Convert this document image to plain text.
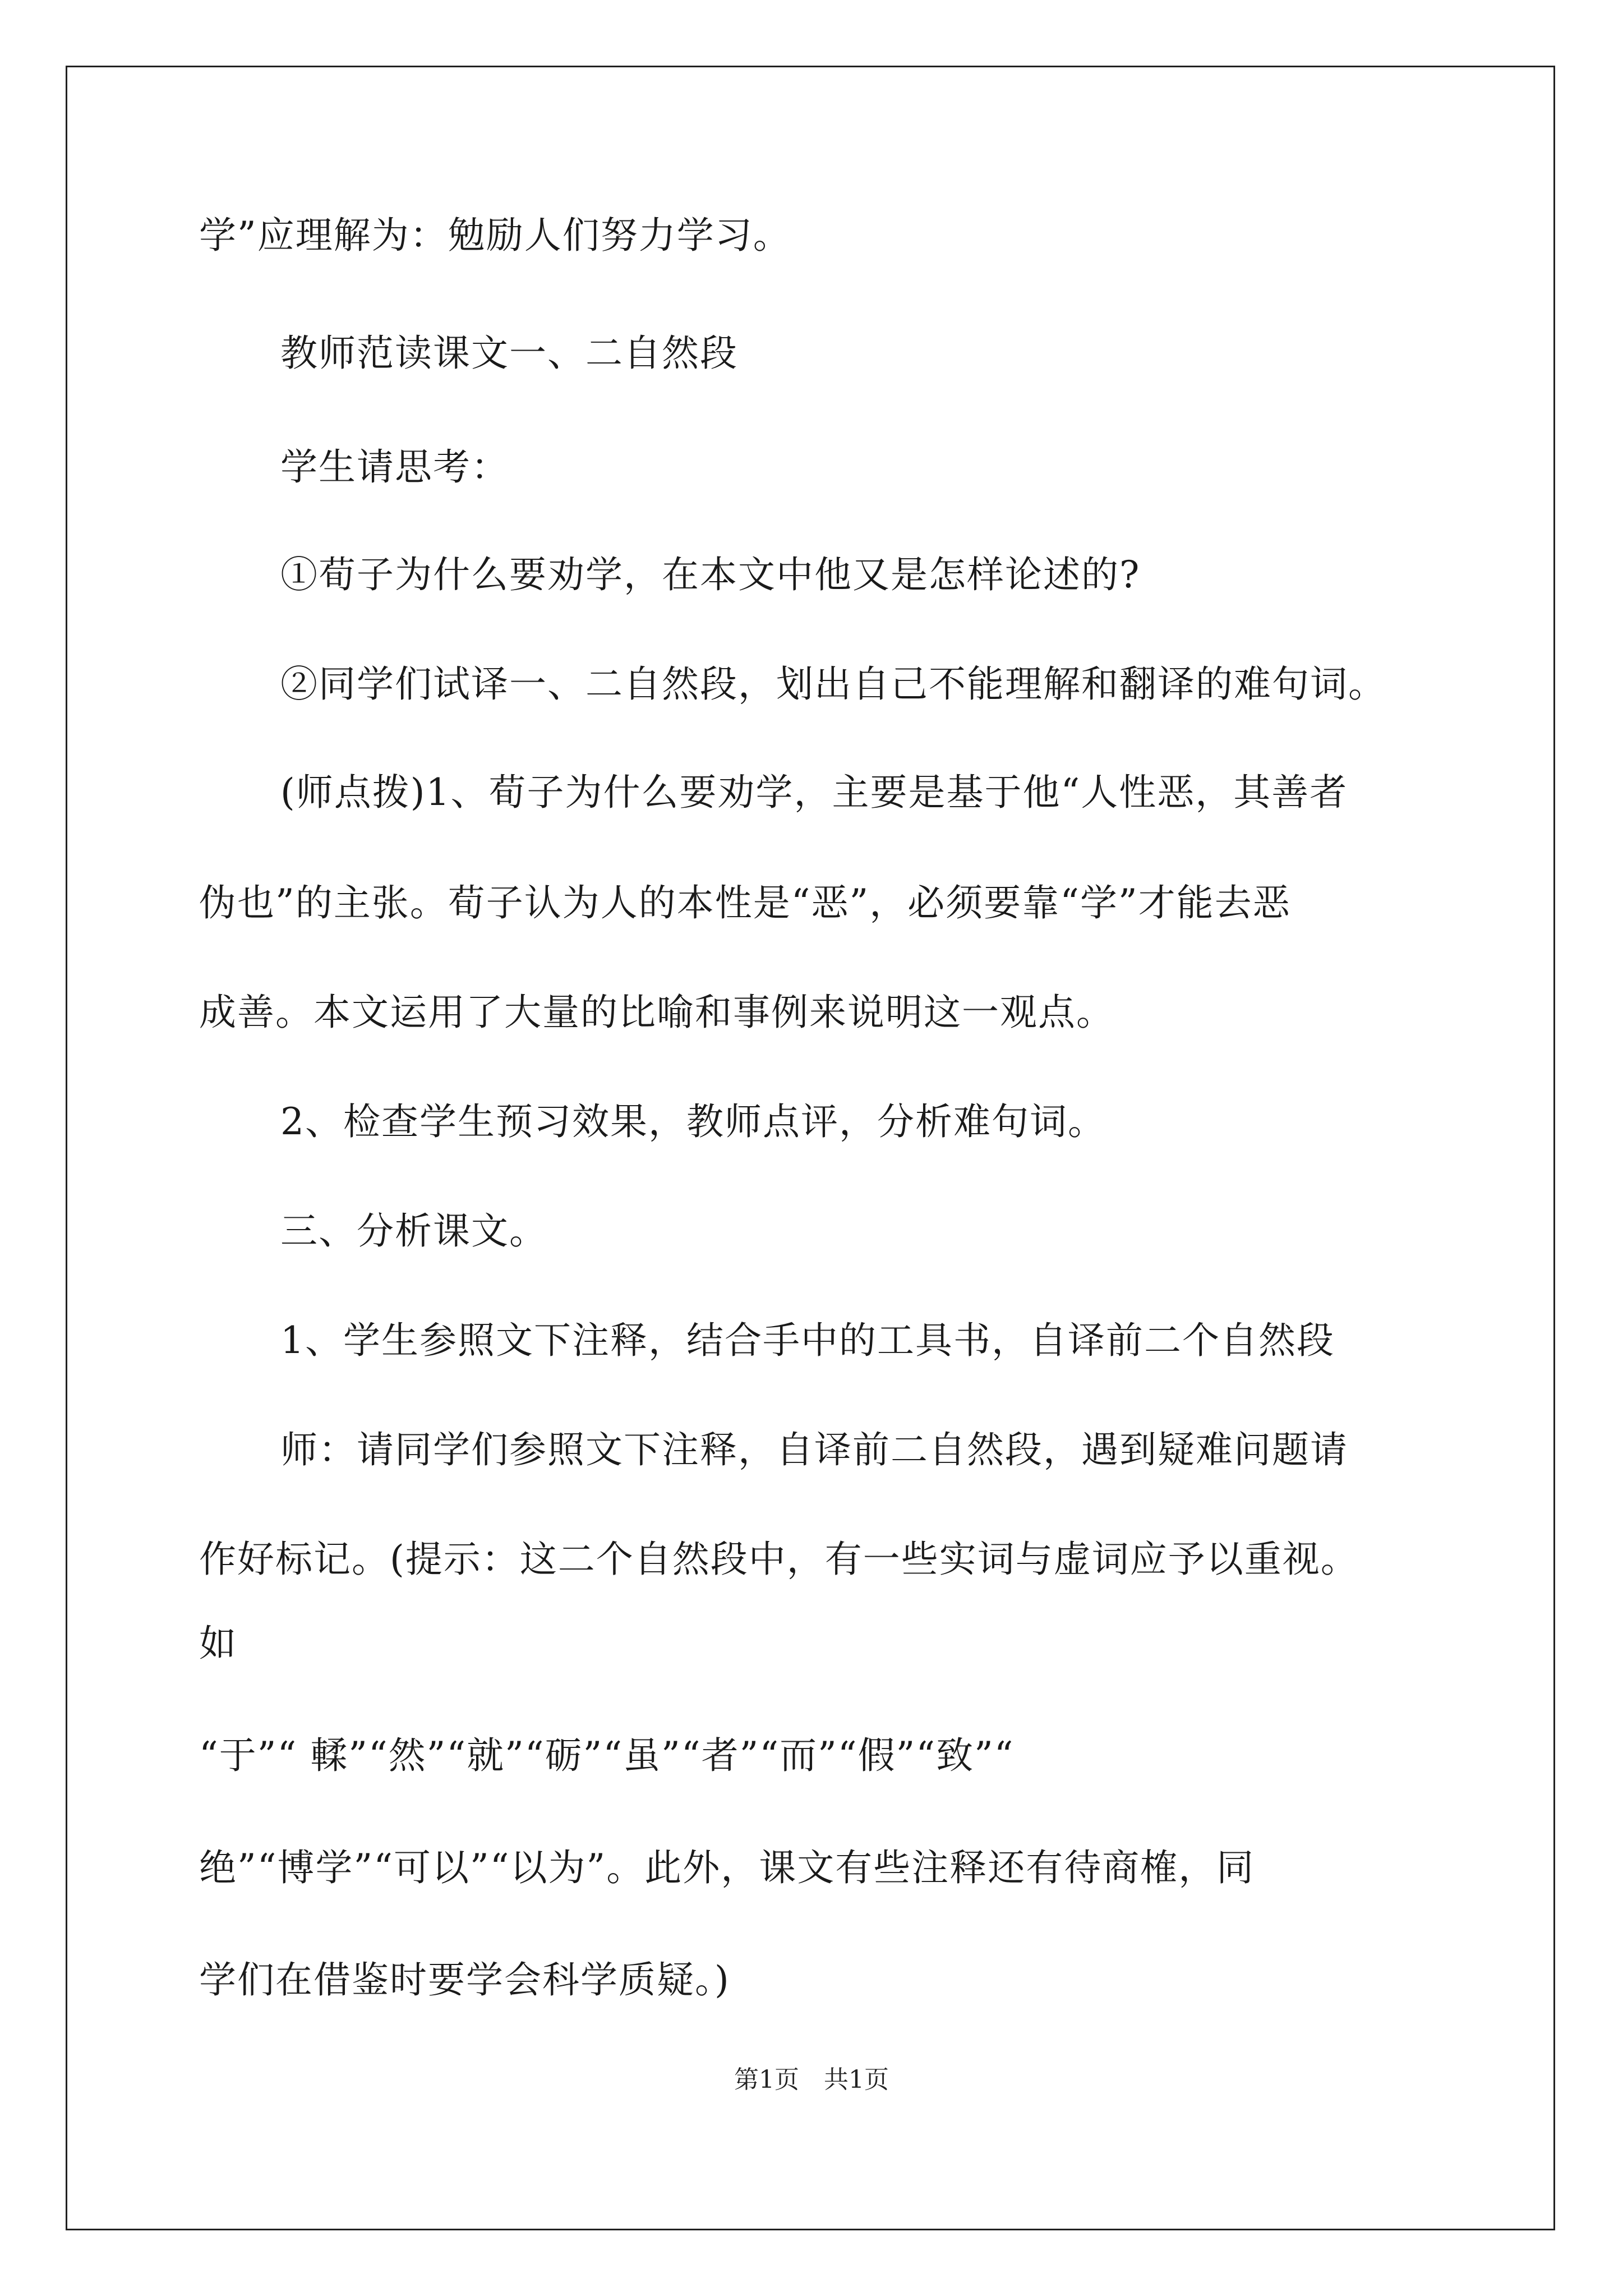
学”应理解为：勉励人们努力学习。
教师范读课文一、二自然段
学生请思考：
①荀子为什么要劝学，在本文中他又是怎样论述的?
②同学们试译一、二自然段，划出自己不能理解和翻译的难句词。
(师点拨)1、荀子为什么要劝学，主要是基于他“人性恶，其善者
伪也”的主张。荀子认为人的本性是“恶”，必须要靠“学”才能去恶
成善。本文运用了大量的比喻和事例来说明这一观点。
2、检查学生预习效果，教师点评，分析难句词。
三、分析课文。
1、学生参照文下注释，结合手中的工具书，自译前二个自然段
师：请同学们参照文下注释，自译前二自然段，遇到疑难问题请
作好标记。(提示：这二个自然段中，有一些实词与虚词应予以重视。
如
“于”“ 輮”“然”“就”“砺”“虽”“者”“而”“假”“致”“
绝”“博学”“可以”“以为”。此外，课文有些注释还有待商榷，同
学们在借鉴时要学会科学质疑。)
第1页　共1页
